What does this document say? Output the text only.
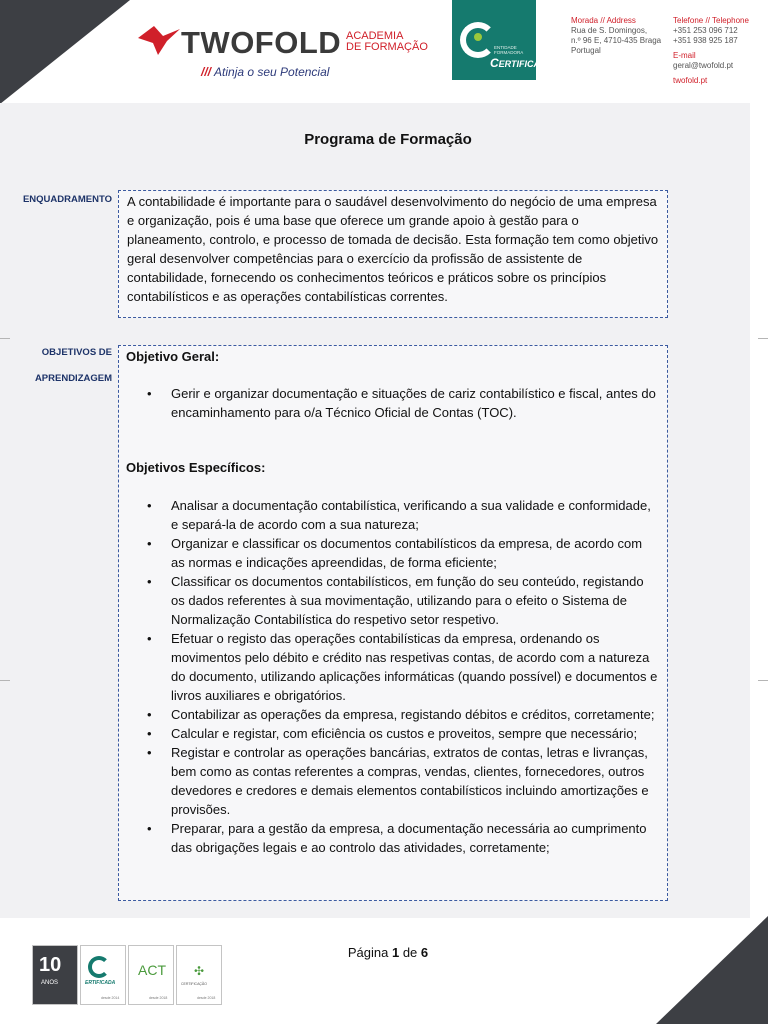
TWOFOLD ACADEMIA
DE FORMAÇÃO
/// Atinja o seu Potencial
ENTIDADE
FORMADORA
CERTIFICADA
Morada // Address
Rua de S. Domingos,
n.º 96 E, 4710-435 Braga
Portugal
Telefone // Telephone
+351 253 096 712
+351 938 925 187
E-mail
geral@twofold.pt
twofold.pt
Programa de Formação
ENQUADRAMENTO A contabilidade é importante para o saudável desenvolvimento do negócio de uma empresa e organização, pois é uma base que oferece um grande apoio à gestão para o planeamento, controlo, e processo de tomada de decisão. Esta formação tem como objetivo geral desenvolver competências para o exercício da profissão de assistente de contabilidade, fornecendo os conhecimentos teóricos e práticos sobre os princípios contabilísticos e as operações contabilísticas correntes.
OBJETIVOS DE
APRENDIZAGEM
Objetivo Geral:
• Gerir e organizar documentação e situações de cariz contabilístico e fiscal, antes do encaminhamento para o/a Técnico Oficial de Contas (TOC).
Objetivos Específicos:
• Analisar a documentação contabilística, verificando a sua validade e conformidade, e separá-la de acordo com a sua natureza;
• Organizar e classificar os documentos contabilísticos da empresa, de acordo com as normas e indicações apreendidas, de forma eficiente;
• Classificar os documentos contabilísticos, em função do seu conteúdo, registando os dados referentes à sua movimentação, utilizando para o efeito o Sistema de Normalização Contabilística do respetivo setor respetivo.
• Efetuar o registo das operações contabilísticas da empresa, ordenando os movimentos pelo débito e crédito nas respetivas contas, de acordo com a natureza do documento, utilizando aplicações informáticas (quando possível) e documentos e livros auxiliares e obrigatórios.
• Contabilizar as operações da empresa, registando débitos e créditos, corretamente;
• Calcular e registar, com eficiência os custos e proveitos, sempre que necessário;
• Registar e controlar as operações bancárias, extratos de contas, letras e livranças, bem como as contas referentes a compras, vendas, clientes, fornecedores, outros devedores e credores e demais elementos contabilísticos incluindo amortizações e provisões.
• Preparar, para a gestão da empresa, a documentação necessária ao cumprimento das obrigações legais e ao controlo das atividades, corretamente;
10
ANOS	ERTIFICADA
desde 2014
ACT
desde 2018
✣
CERTIFICAÇÃO
desde 2018
Página 1 de 6
